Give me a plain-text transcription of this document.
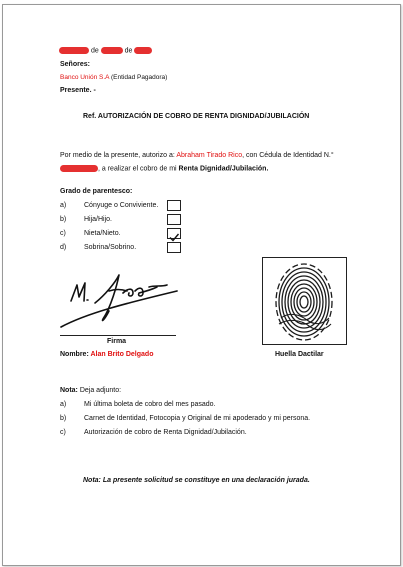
de	de
Señores:
Banco Unión S.A (Entidad Pagadora)
Presente. -
Ref. AUTORIZACIÓN DE COBRO DE RENTA DIGNIDAD/JUBILACIÓN
Por medio de la presente, autorizo a: Abraham Tirado Rico, con Cédula de Identidad N.°
, a realizar el cobro de mi Renta Dignidad/Jubilación.
Grado de parentesco:
a)	Cónyuge o Conviviente.
b)	Hija/Hijo.
c)	Nieta/Nieto.
d)	Sobrina/Sobrino.
Firma
Nombre: Alan Brito Delgado	Huella Dactilar
Nota: Deja adjunto:
a)	Mi última boleta de cobro del mes pasado.
b)	Carnet de Identidad, Fotocopia y Original de mi apoderado y mi persona.
c)	Autorización de cobro de Renta Dignidad/Jubilación.
Nota: La presente solicitud se constituye en una declaración jurada.
